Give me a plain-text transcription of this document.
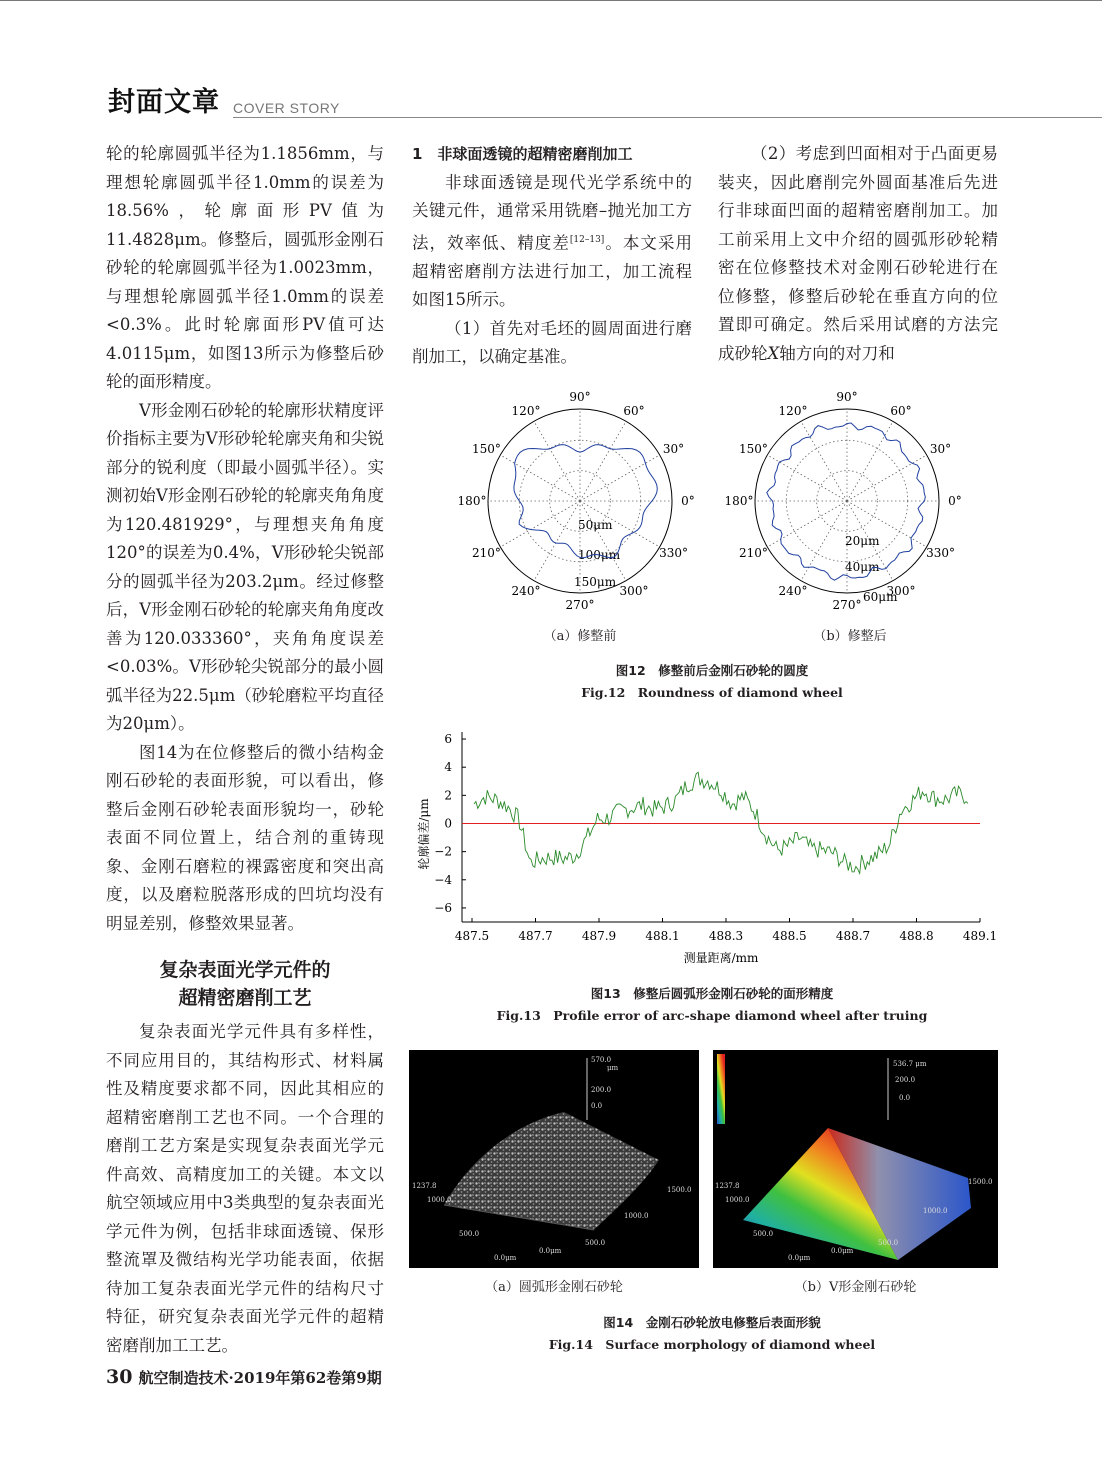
封面文章 COVER STORY

轮的轮廓圆弧半径为1.1856mm，与理想轮廓圆弧半径1.0mm的误差为18.56%，轮廓面形PV值为11.4828μm。修整后，圆弧形金刚石砂轮的轮廓圆弧半径为1.0023mm，与理想轮廓圆弧半径1.0mm的误差<0.3%。此时轮廓面形PV值可达4.0115μm，如图13所示为修整后砂轮的面形精度。

V形金刚石砂轮的轮廓形状精度评价指标主要为V形砂轮轮廓夹角和尖锐部分的锐利度（即最小圆弧半径）。实测初始V形金刚石砂轮的轮廓夹角角度为120.481929°，与理想夹角角度120°的误差为0.4%，V形砂轮尖锐部分的圆弧半径为203.2μm。经过修整后，V形金刚石砂轮的轮廓夹角角度改善为120.033360°，夹角角度误差<0.03%。V形砂轮尖锐部分的最小圆弧半径为22.5μm（砂轮磨粒平均直径为20μm）。

图14为在位修整后的微小结构金刚石砂轮的表面形貌，可以看出，修整后金刚石砂轮表面形貌均一，砂轮表面不同位置上，结合剂的重铸现象、金刚石磨粒的裸露密度和突出高度，以及磨粒脱落形成的凹坑均没有明显差别，修整效果显著。

复杂表面光学元件的
超精密磨削工艺

复杂表面光学元件具有多样性，不同应用目的，其结构形式、材料属性及精度要求都不同，因此其相应的超精密磨削工艺也不同。一个合理的磨削工艺方案是实现复杂表面光学元件高效、高精度加工的关键。本文以航空领域应用中3类典型的复杂表面光学元件为例，包括非球面透镜、保形整流罩及微结构光学功能表面，依据待加工复杂表面光学元件的结构尺寸特征，研究复杂表面光学元件的超精密磨削加工工艺。

1　非球面透镜的超精密磨削加工

非球面透镜是现代光学系统中的关键元件，通常采用铣磨–抛光加工方法，效率低、精度差[12–13]。本文采用超精密磨削方法进行加工，加工流程如图15所示。

（1）首先对毛坯的圆周面进行磨削加工，以确定基准。

（2）考虑到凹面相对于凸面更易装夹，因此磨削完外圆面基准后先进行非球面凹面的超精密磨削加工。加工前采用上文中介绍的圆弧形砂轮精密在位修整技术对金刚石砂轮进行在位修整，修整后砂轮在垂直方向的位置即可确定。然后采用试磨的方法完成砂轮X轴方向的对刀和

90°
60°
30°
0°
330°
300°
270°
240°
210°
180°
150°
120°
50μm
100μm
150μm
90°
60°
30°
0°
330°
300°
270°
240°
210°
180°
150°
120°
20μm
40μm
60μm
（a）修整前	（b）修整后
图12　修整前后金刚石砂轮的圆度
Fig.12　Roundness of diamond wheel
6
4
2
0
−2
−4
−6
487.5 487.7 487.9 488.1 488.3 488.5 488.7 488.8 489.1
轮廓偏差/μm
测量距离/mm
图13　修整后圆弧形金刚石砂轮的面形精度
Fig.13　Profile error of arc-shape diamond wheel after truing
570.0
μm
200.0
0.0
1237.8
1000.0
500.0
0.0μm
0.0μm
500.0
1000.0
1500.0
536.7 μm
200.0
0.0
1237.8
1000.0
500.0
0.0μm
0.0μm
500.0
1000.0
1500.0
（a）圆弧形金刚石砂轮	（b）V形金刚石砂轮
图14　金刚石砂轮放电修整后表面形貌
Fig.14　Surface morphology of diamond wheel
30 航空制造技术·2019年第62卷第9期
